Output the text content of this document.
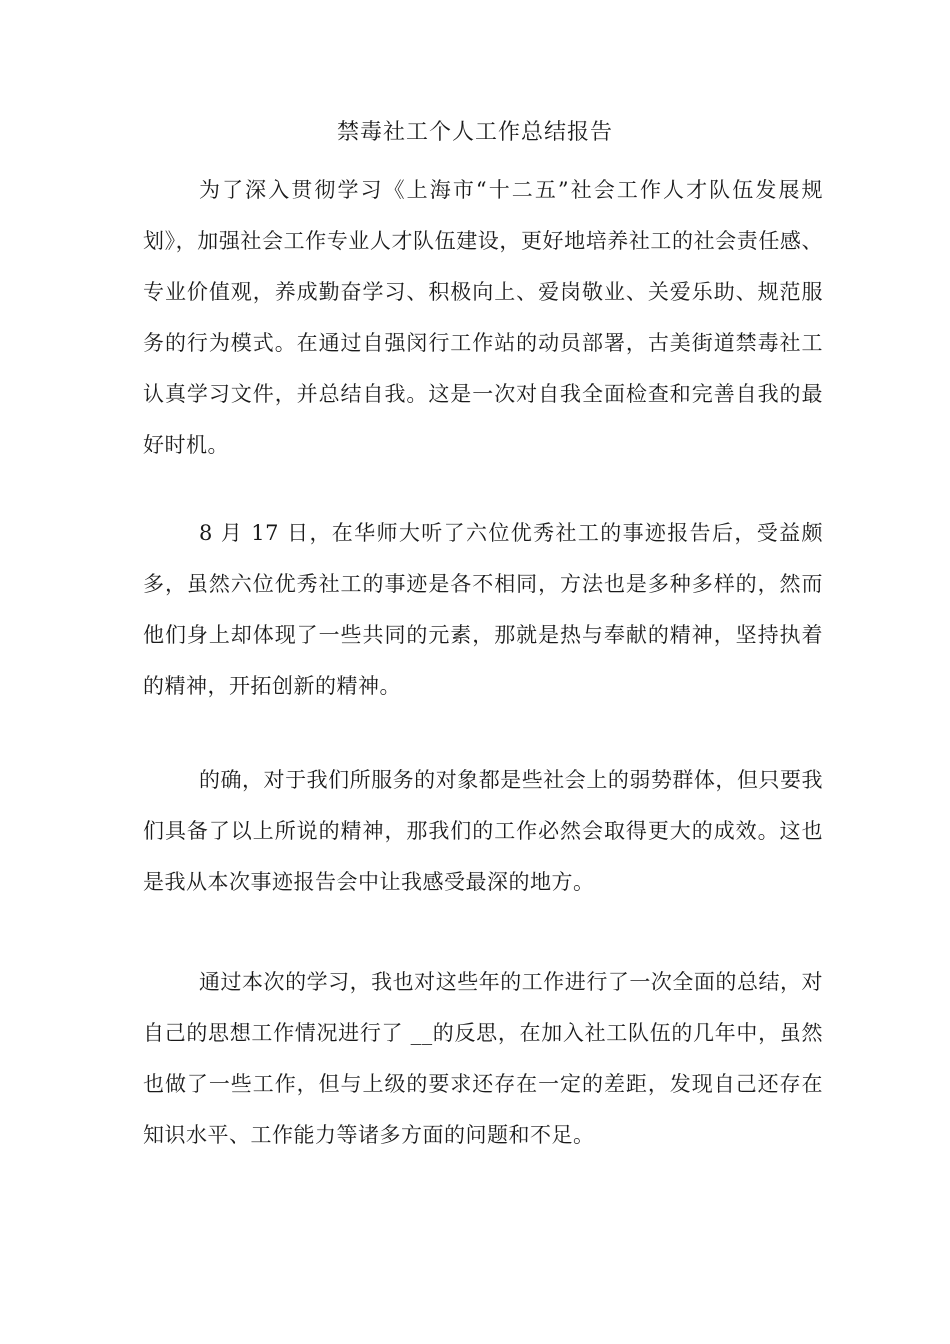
禁毒社工个人工作总结报告

为了深入贯彻学习《上海市“十二五”社会工作人才队伍发展规划》，加强社会工作专业人才队伍建设，更好地培养社工的社会责任感、专业价值观，养成勤奋学习、积极向上、爱岗敬业、关爱乐助、规范服务的行为模式。在通过自强闵行工作站的动员部署，古美街道禁毒社工认真学习文件，并总结自我。这是一次对自我全面检查和完善自我的最好时机。

8 月 17 日，在华师大听了六位优秀社工的事迹报告后，受益颇多，虽然六位优秀社工的事迹是各不相同，方法也是多种多样的，然而他们身上却体现了一些共同的元素，那就是热与奉献的精神，坚持执着的精神，开拓创新的精神。

的确，对于我们所服务的对象都是些社会上的弱势群体，但只要我们具备了以上所说的精神，那我们的工作必然会取得更大的成效。这也是我从本次事迹报告会中让我感受最深的地方。

通过本次的学习，我也对这些年的工作进行了一次全面的总结，对自己的思想工作情况进行了 __的反思，在加入社工队伍的几年中，虽然也做了一些工作，但与上级的要求还存在一定的差距，发现自己还存在知识水平、工作能力等诸多方面的问题和不足。
